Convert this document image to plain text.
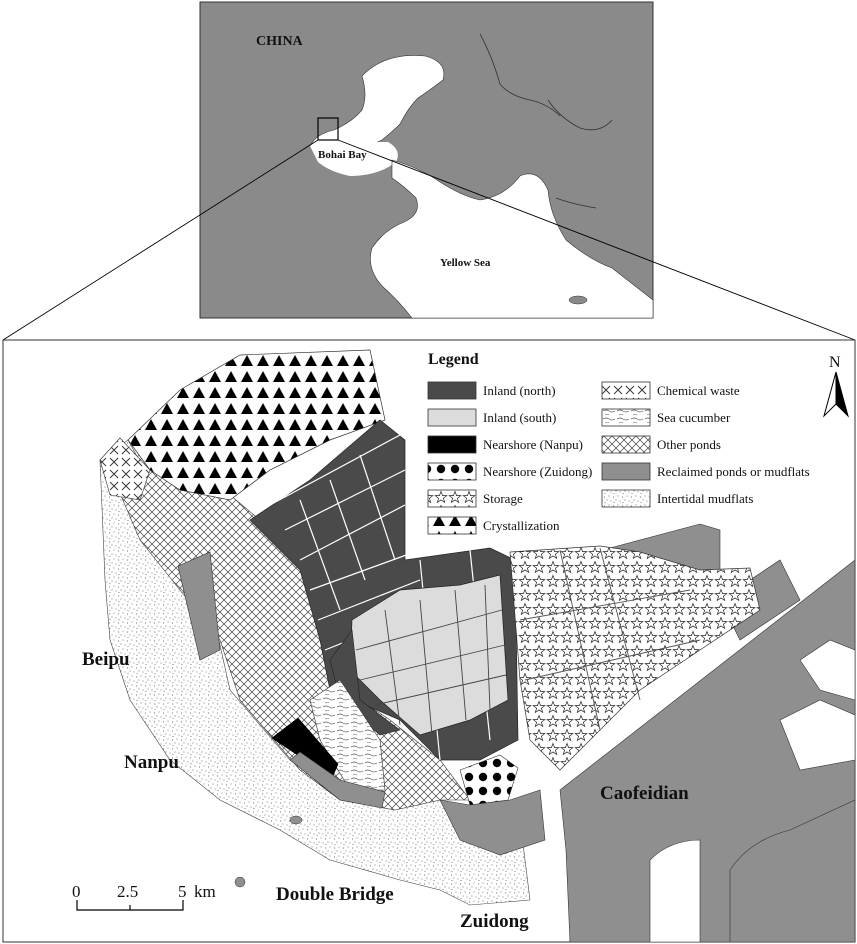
CHINA
Bohai Bay
Yellow Sea
Beipu
Nanpu
Caofeidian
Double Bridge
Zuidong
Legend
Inland (north)
Inland (south)
Nearshore (Nanpu)
Nearshore (Zuidong)
Storage
Crystallization
Chemical waste
Sea cucumber
Other ponds
Reclaimed ponds or mudflats
Intertidal mudflats
N
0 2.5 5 km
